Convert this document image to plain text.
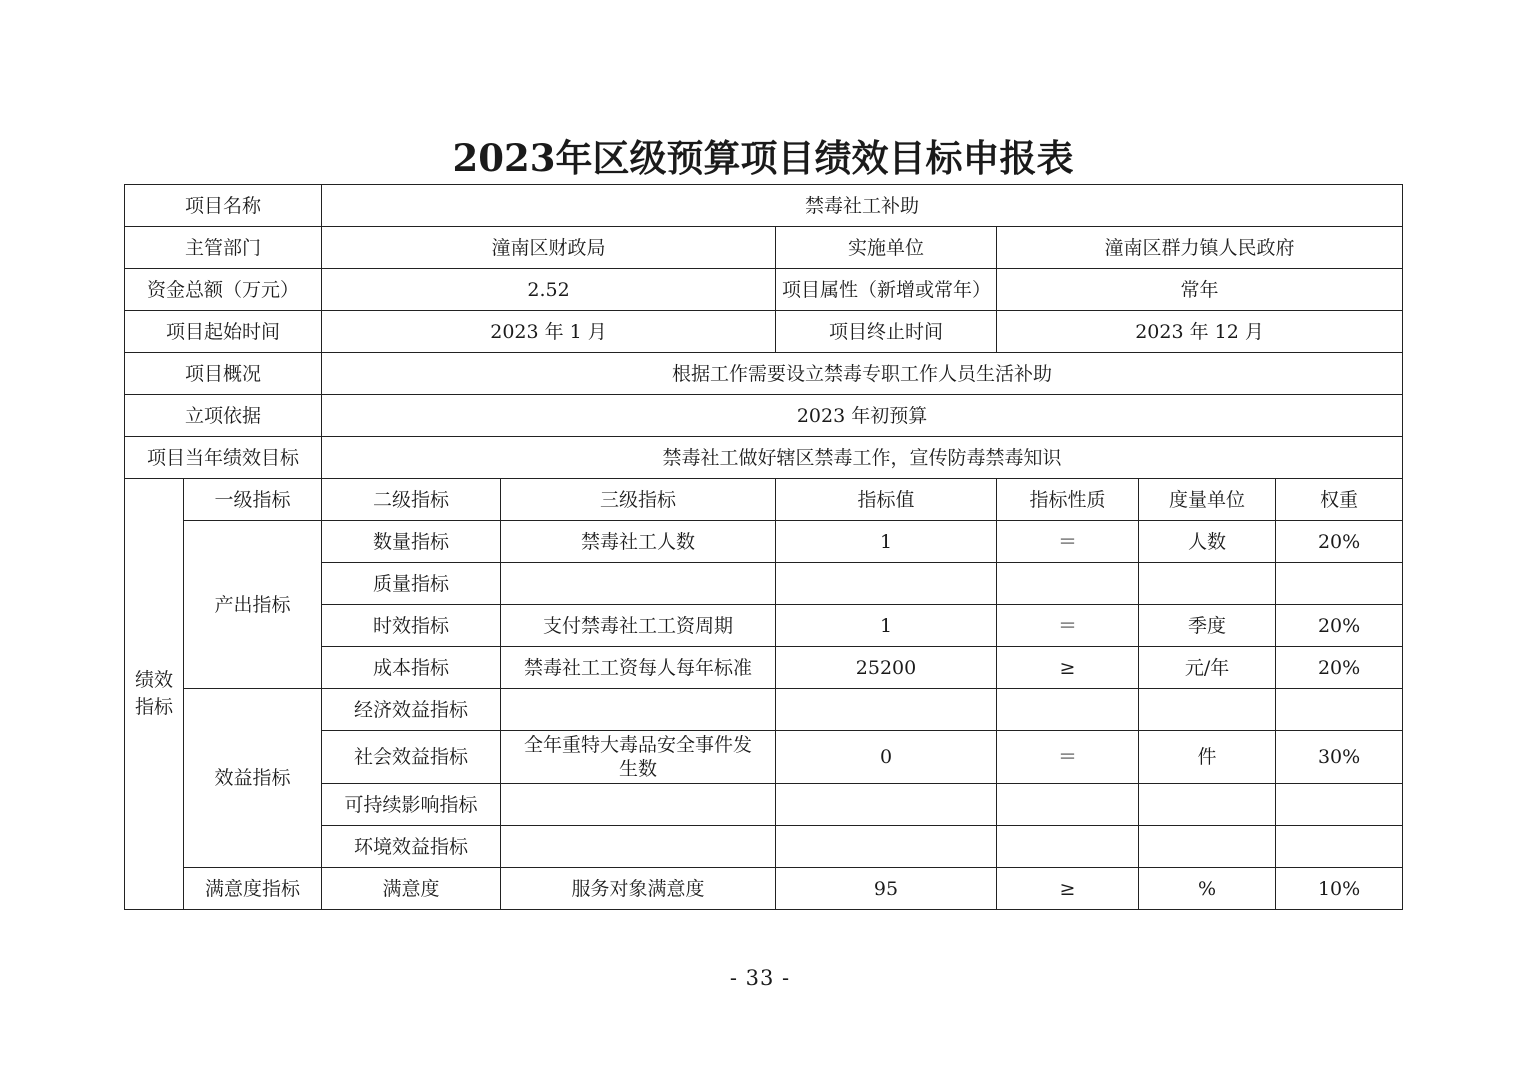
2023年区级预算项目绩效目标申报表
项目名称		禁毒社工补助					
主管部门		潼南区财政局		实施单位	潼南区群力镇人民政府		
资金总额（万元）		2.52		项目属性（新增或常年）	常年		
项目起始时间		2023 年 1 月		项目终止时间	2023 年 12 月		
项目概况		根据工作需要设立禁毒专职工作人员生活补助					
立项依据		2023 年初预算					
项目当年绩效目标		禁毒社工做好辖区禁毒工作，宣传防毒禁毒知识					
绩效指标	一级指标	二级指标	三级指标	指标值	指标性质	度量单位	权重
	产出指标	数量指标	禁毒社工人数	1	＝	人数	20%
		质量指标					
		时效指标	支付禁毒社工工资周期	1	＝	季度	20%
		成本指标	禁毒社工工资每人每年标准	25200	≥	元/年	20%
	效益指标	经济效益指标					
		社会效益指标	全年重特大毒品安全事件发生数	0	＝	件	30%
		可持续影响指标					
		环境效益指标					
	满意度指标	满意度	服务对象满意度	95	≥	%	10%
- 33 -
